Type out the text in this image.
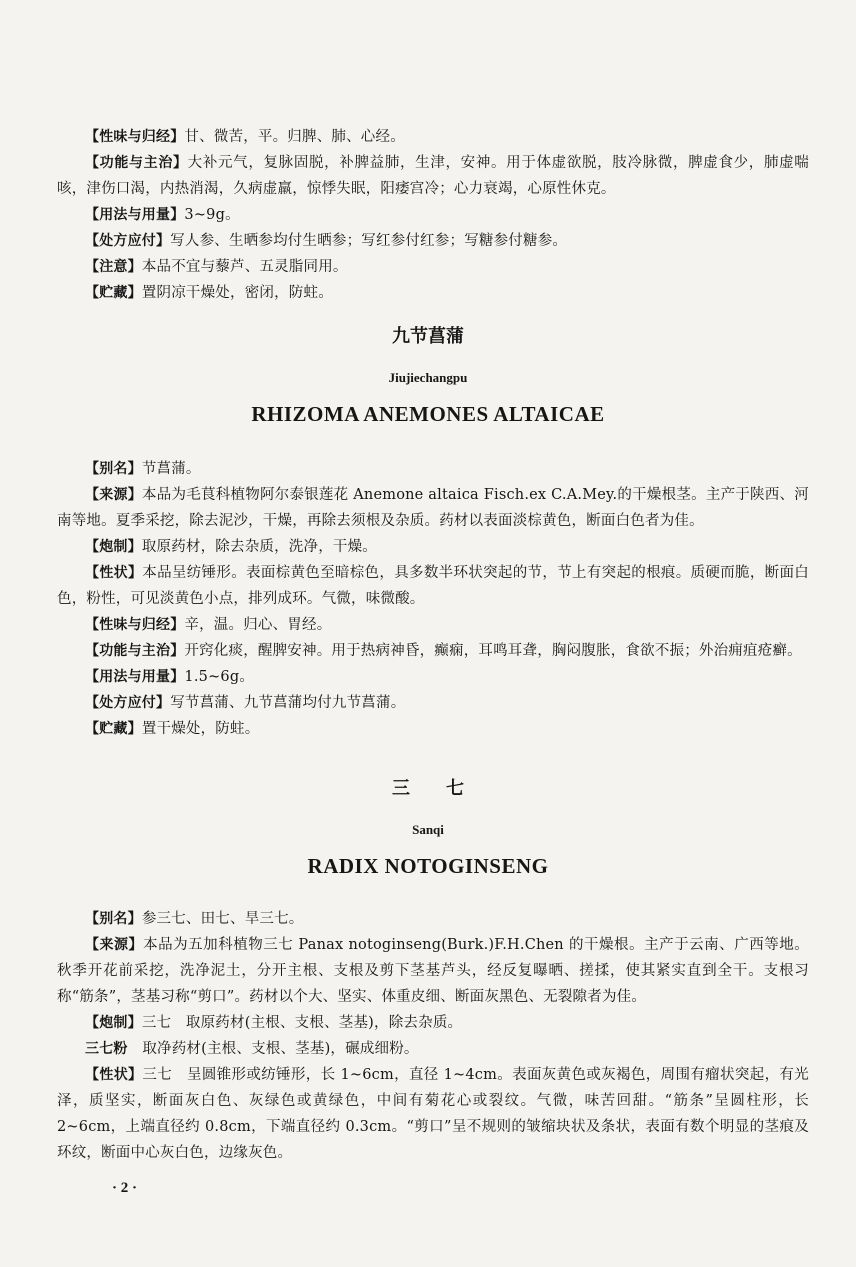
【性味与归经】甘、微苦，平。归脾、肺、心经。

【功能与主治】大补元气，复脉固脱，补脾益肺，生津，安神。用于体虚欲脱，肢冷脉微，脾虚食少，肺虚喘咳，津伤口渴，内热消渴，久病虚羸，惊悸失眠，阳痿宫冷；心力衰竭，心原性休克。

【用法与用量】3~9g。

【处方应付】写人参、生晒参均付生晒参；写红参付红参；写糖参付糖参。

【注意】本品不宜与藜芦、五灵脂同用。

【贮藏】置阴凉干燥处，密闭，防蛀。

九节菖蒲
Jiujiechangpu
RHIZOMA ANEMONES ALTAICAE

【别名】节菖蒲。

【来源】本品为毛茛科植物阿尔泰银莲花 Anemone altaica Fisch.ex C.A.Mey.的干燥根茎。主产于陕西、河南等地。夏季采挖，除去泥沙，干燥，再除去须根及杂质。药材以表面淡棕黄色，断面白色者为佳。

【炮制】取原药材，除去杂质，洗净，干燥。

【性状】本品呈纺锤形。表面棕黄色至暗棕色，具多数半环状突起的节，节上有突起的根痕。质硬而脆，断面白色，粉性，可见淡黄色小点，排列成环。气微，味微酸。

【性味与归经】辛，温。归心、胃经。

【功能与主治】开窍化痰，醒脾安神。用于热病神昏，癫痫，耳鸣耳聋，胸闷腹胀，食欲不振；外治痈疽疮癣。

【用法与用量】1.5~6g。

【处方应付】写节菖蒲、九节菖蒲均付九节菖蒲。

【贮藏】置干燥处，防蛀。

三七
Sanqi
RADIX NOTOGINSENG

【别名】参三七、田七、旱三七。

【来源】本品为五加科植物三七 Panax notoginseng(Burk.)F.H.Chen 的干燥根。主产于云南、广西等地。秋季开花前采挖，洗净泥土，分开主根、支根及剪下茎基芦头，经反复曝晒、搓揉，使其紧实直到全干。支根习称“筋条”，茎基习称“剪口”。药材以个大、坚实、体重皮细、断面灰黑色、无裂隙者为佳。

【炮制】三七　取原药材(主根、支根、茎基)，除去杂质。

三七粉　 取净药材(主根、支根、茎基)，碾成细粉。

【性状】三七　呈圆锥形或纺锤形，长 1~6cm，直径 1~4cm。表面灰黄色或灰褐色，周围有瘤状突起，有光泽，质坚实，断面灰白色、灰绿色或黄绿色，中间有菊花心或裂纹。气微，味苦回甜。“筋条”呈圆柱形，长 2~6cm，上端直径约 0.8cm，下端直径约 0.3cm。“剪口”呈不规则的皱缩块状及条状，表面有数个明显的茎痕及环纹，断面中心灰白色，边缘灰色。

· 2 ·
